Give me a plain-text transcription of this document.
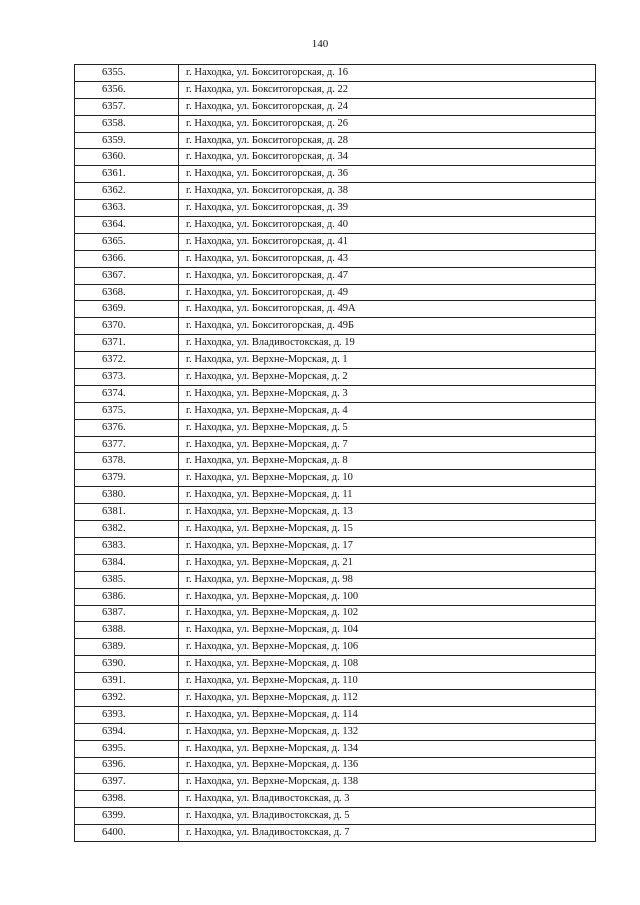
140
6355.	г. Находка, ул. Бокситогорская, д. 16
6356.	г. Находка, ул. Бокситогорская, д. 22
6357.	г. Находка, ул. Бокситогорская, д. 24
6358.	г. Находка, ул. Бокситогорская, д. 26
6359.	г. Находка, ул. Бокситогорская, д. 28
6360.	г. Находка, ул. Бокситогорская, д. 34
6361.	г. Находка, ул. Бокситогорская, д. 36
6362.	г. Находка, ул. Бокситогорская, д. 38
6363.	г. Находка, ул. Бокситогорская, д. 39
6364.	г. Находка, ул. Бокситогорская, д. 40
6365.	г. Находка, ул. Бокситогорская, д. 41
6366.	г. Находка, ул. Бокситогорская, д. 43
6367.	г. Находка, ул. Бокситогорская, д. 47
6368.	г. Находка, ул. Бокситогорская, д. 49
6369.	г. Находка, ул. Бокситогорская, д. 49А
6370.	г. Находка, ул. Бокситогорская, д. 49Б
6371.	г. Находка, ул. Владивостокская, д. 19
6372.	г. Находка, ул. Верхне-Морская, д. 1
6373.	г. Находка, ул. Верхне-Морская, д. 2
6374.	г. Находка, ул. Верхне-Морская, д. 3
6375.	г. Находка, ул. Верхне-Морская, д. 4
6376.	г. Находка, ул. Верхне-Морская, д. 5
6377.	г. Находка, ул. Верхне-Морская, д. 7
6378.	г. Находка, ул. Верхне-Морская, д. 8
6379.	г. Находка, ул. Верхне-Морская, д. 10
6380.	г. Находка, ул. Верхне-Морская, д. 11
6381.	г. Находка, ул. Верхне-Морская, д. 13
6382.	г. Находка, ул. Верхне-Морская, д. 15
6383.	г. Находка, ул. Верхне-Морская, д. 17
6384.	г. Находка, ул. Верхне-Морская, д. 21
6385.	г. Находка, ул. Верхне-Морская, д. 98
6386.	г. Находка, ул. Верхне-Морская, д. 100
6387.	г. Находка, ул. Верхне-Морская, д. 102
6388.	г. Находка, ул. Верхне-Морская, д. 104
6389.	г. Находка, ул. Верхне-Морская, д. 106
6390.	г. Находка, ул. Верхне-Морская, д. 108
6391.	г. Находка, ул. Верхне-Морская, д. 110
6392.	г. Находка, ул. Верхне-Морская, д. 112
6393.	г. Находка, ул. Верхне-Морская, д. 114
6394.	г. Находка, ул. Верхне-Морская, д. 132
6395.	г. Находка, ул. Верхне-Морская, д. 134
6396.	г. Находка, ул. Верхне-Морская, д. 136
6397.	г. Находка, ул. Верхне-Морская, д. 138
6398.	г. Находка, ул. Владивостокская, д. 3
6399.	г. Находка, ул. Владивостокская, д. 5
6400.	г. Находка, ул. Владивостокская, д. 7
